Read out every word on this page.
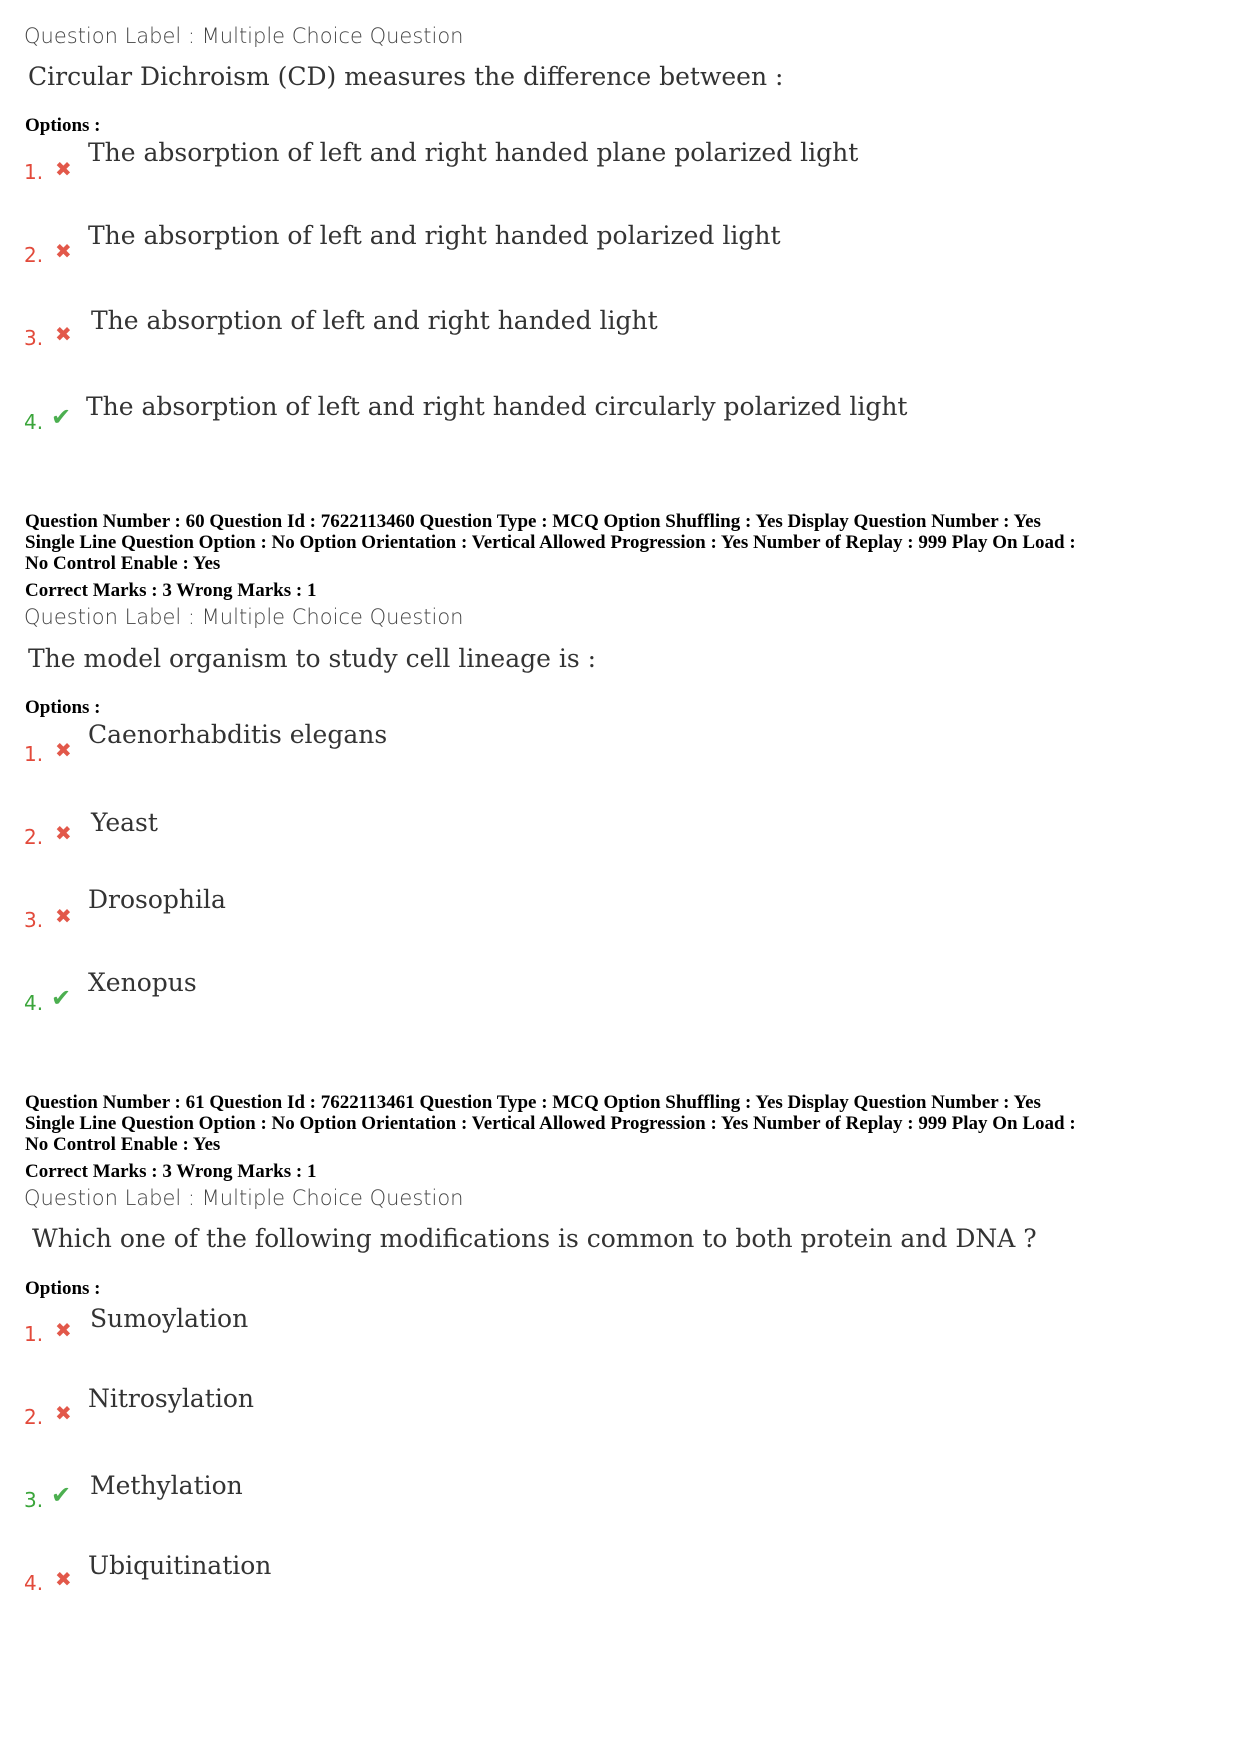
Question Label : Multiple Choice Question
Circular Dichroism (CD) measures the difference between :
Options :
1. ✖
The absorption of left and right handed plane polarized light
2. ✖
The absorption of left and right handed polarized light
3. ✖ The absorption of left and right handed light
4. ✔ The absorption of left and right handed circularly polarized light
Question Number : 60 Question Id : 7622113460 Question Type : MCQ Option Shuffling : Yes Display Question Number : Yes
Single Line Question Option : No Option Orientation : Vertical Allowed Progression : Yes Number of Replay : 999 Play On Load :
No Control Enable : Yes
Correct Marks : 3 Wrong Marks : 1
Question Label : Multiple Choice Question
The model organism to study cell lineage is :
Options :
1. ✖
Caenorhabditis elegans
2. ✖ Yeast
3. ✖
Drosophila
4. ✔
Xenopus
Question Number : 61 Question Id : 7622113461 Question Type : MCQ Option Shuffling : Yes Display Question Number : Yes
Single Line Question Option : No Option Orientation : Vertical Allowed Progression : Yes Number of Replay : 999 Play On Load :
No Control Enable : Yes
Correct Marks : 3 Wrong Marks : 1
Question Label : Multiple Choice Question
Which one of the following modifications is common to both protein and DNA ?
Options :
1. ✖ Sumoylation
2. ✖ Nitrosylation
3. ✔ Methylation
4. ✖ Ubiquitination
